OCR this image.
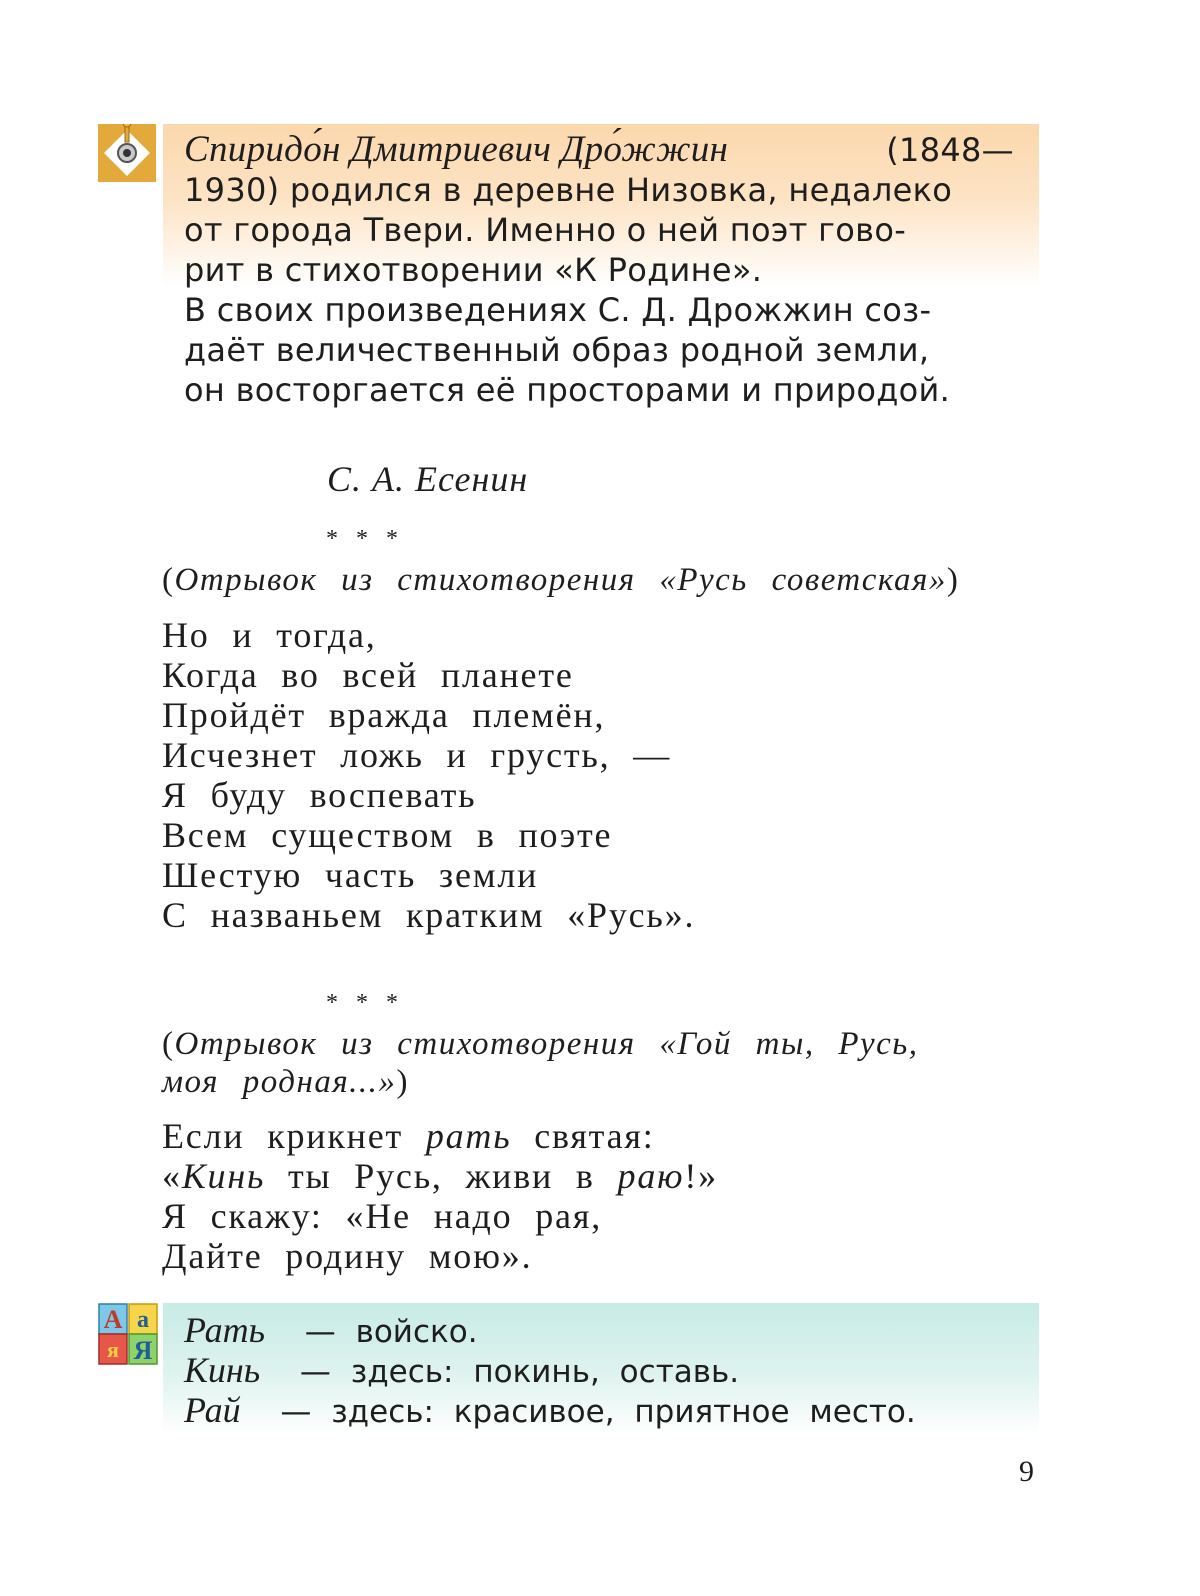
Спиридо́н Дмитриевич Дро́жжин	(1848—
1930) родился в деревне Низовка, недалеко
от города Твери. Именно о ней поэт гово-
рит в стихотворении «К Родине».
В своих произведениях С. Д. Дрожжин соз-
даёт величественный образ родной земли,
он восторгается её просторами и природой.
С. А. Есенин
* * *
(Отрывок из стихотворения «Русь советская»)
Но и тогда,
Когда во всей планете
Пройдёт вражда племён,
Исчезнет ложь и грусть, —
Я буду воспевать
Всем существом в поэте
Шестую часть земли
С названьем кратким «Русь».
* * *
(Отрывок из стихотворения «Гой ты, Русь,
моя родная...»)
Если крикнет рать святая:
«Кинь ты Русь, живи в раю!»
Я скажу: «Не надо рая,
Дайте родину мою».
А а
я Я
Рать — войско.
Кинь — здесь: покинь, оставь.
Рай — здесь: красивое, приятное место.
9
